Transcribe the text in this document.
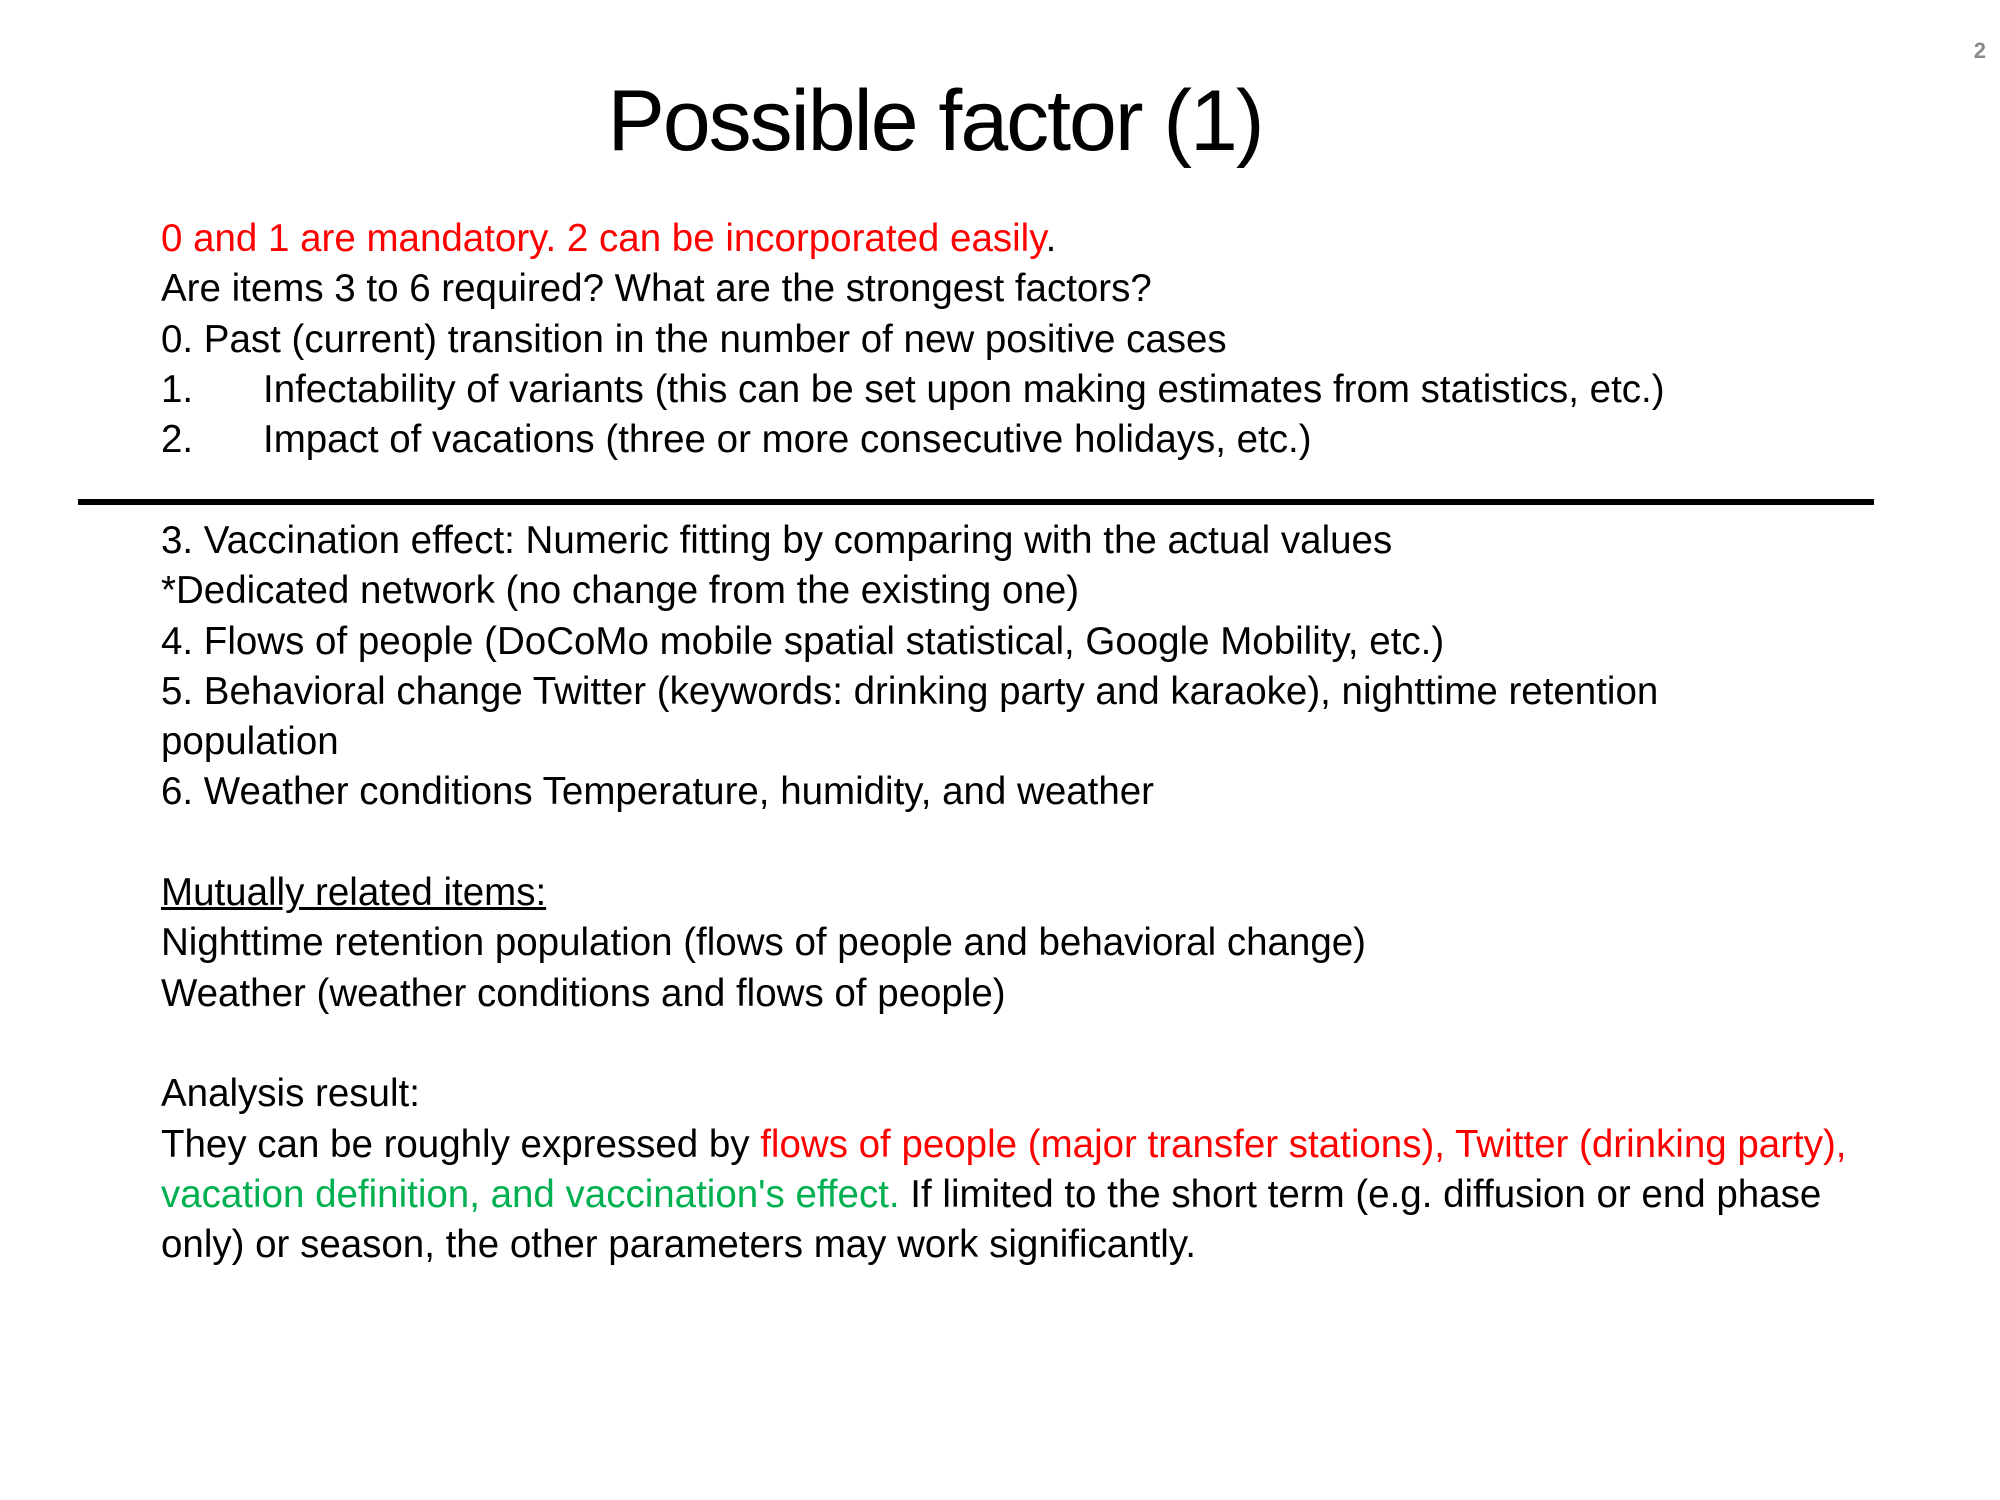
2
Possible factor (1)
0 and 1 are mandatory. 2 can be incorporated easily.
Are items 3 to 6 required? What are the strongest factors?
0. Past (current) transition in the number of new positive cases
1. Infectability of variants (this can be set upon making estimates from statistics, etc.)
2. Impact of vacations (three or more consecutive holidays, etc.)
3. Vaccination effect: Numeric fitting by comparing with the actual values
*Dedicated network (no change from the existing one)
4. Flows of people (DoCoMo mobile spatial statistical, Google Mobility, etc.)
5. Behavioral change Twitter (keywords: drinking party and karaoke), nighttime retention
population
6. Weather conditions Temperature, humidity, and weather
Mutually related items:
Nighttime retention population (flows of people and behavioral change)
Weather (weather conditions and flows of people)
Analysis result:
They can be roughly expressed by flows of people (major transfer stations), Twitter (drinking party), vacation definition, and vaccination's effect. If limited to the short term (e.g. diffusion or end phase only) or season, the other parameters may work significantly.
